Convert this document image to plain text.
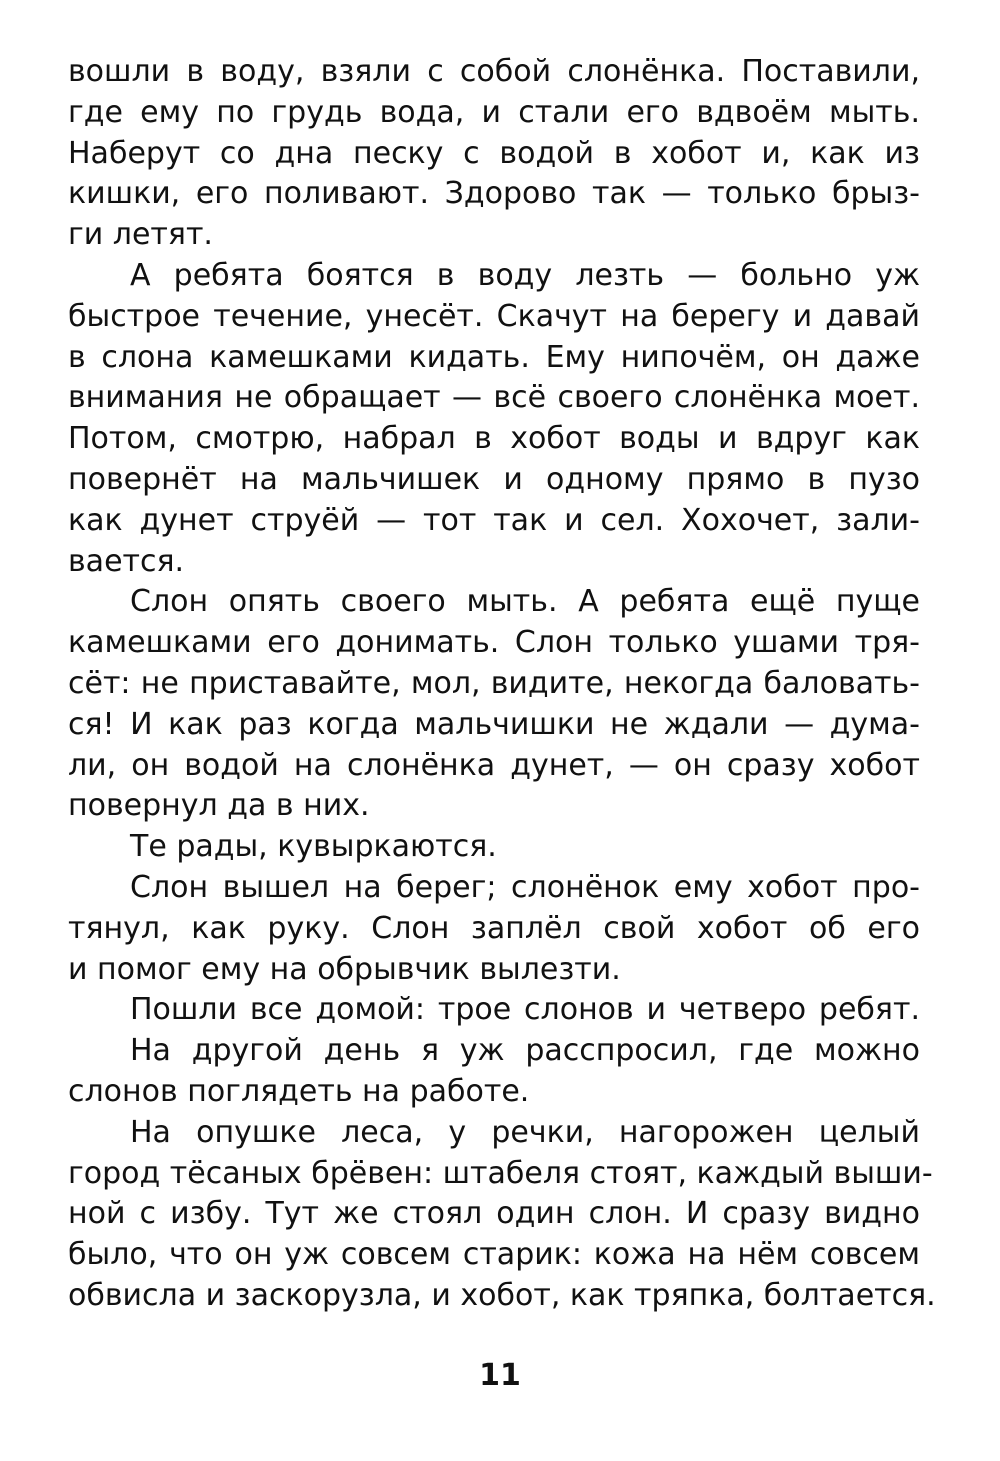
вошли в воду, взяли с собой слонёнка. Поставили,
где ему по грудь вода, и стали его вдвоём мыть.
Наберут со дна песку с водой в хобот и, как из
кишки, его поливают. Здорово так — только брыз-
ги летят.
А ребята боятся в воду лезть — больно уж
быстрое течение, унесёт. Скачут на берегу и давай
в слона камешками кидать. Ему нипочём, он даже
внимания не обращает — всё своего слонёнка моет.
Потом, смотрю, набрал в хобот воды и вдруг как
повернёт на мальчишек и одному прямо в пузо
как дунет струёй — тот так и сел. Хохочет, зали-
вается.
Слон опять своего мыть. А ребята ещё пуще
камешками его донимать. Слон только ушами тря-
сёт: не приставайте, мол, видите, некогда баловать-
ся! И как раз когда мальчишки не ждали — дума-
ли, он водой на слонёнка дунет, — он сразу хобот
повернул да в них.
Те рады, кувыркаются.
Слон вышел на берег; слонёнок ему хобот про-
тянул, как руку. Слон заплёл свой хобот об его
и помог ему на обрывчик вылезти.
Пошли все домой: трое слонов и четверо ребят.
На другой день я уж расспросил, где можно
слонов поглядеть на работе.
На опушке леса, у речки, нагорожен целый
город тёсаных брёвен: штабеля стоят, каждый выши-
ной с избу. Тут же стоял один слон. И сразу видно
было, что он уж совсем старик: кожа на нём совсем
обвисла и заскорузла, и хобот, как тряпка, болтается.
11
